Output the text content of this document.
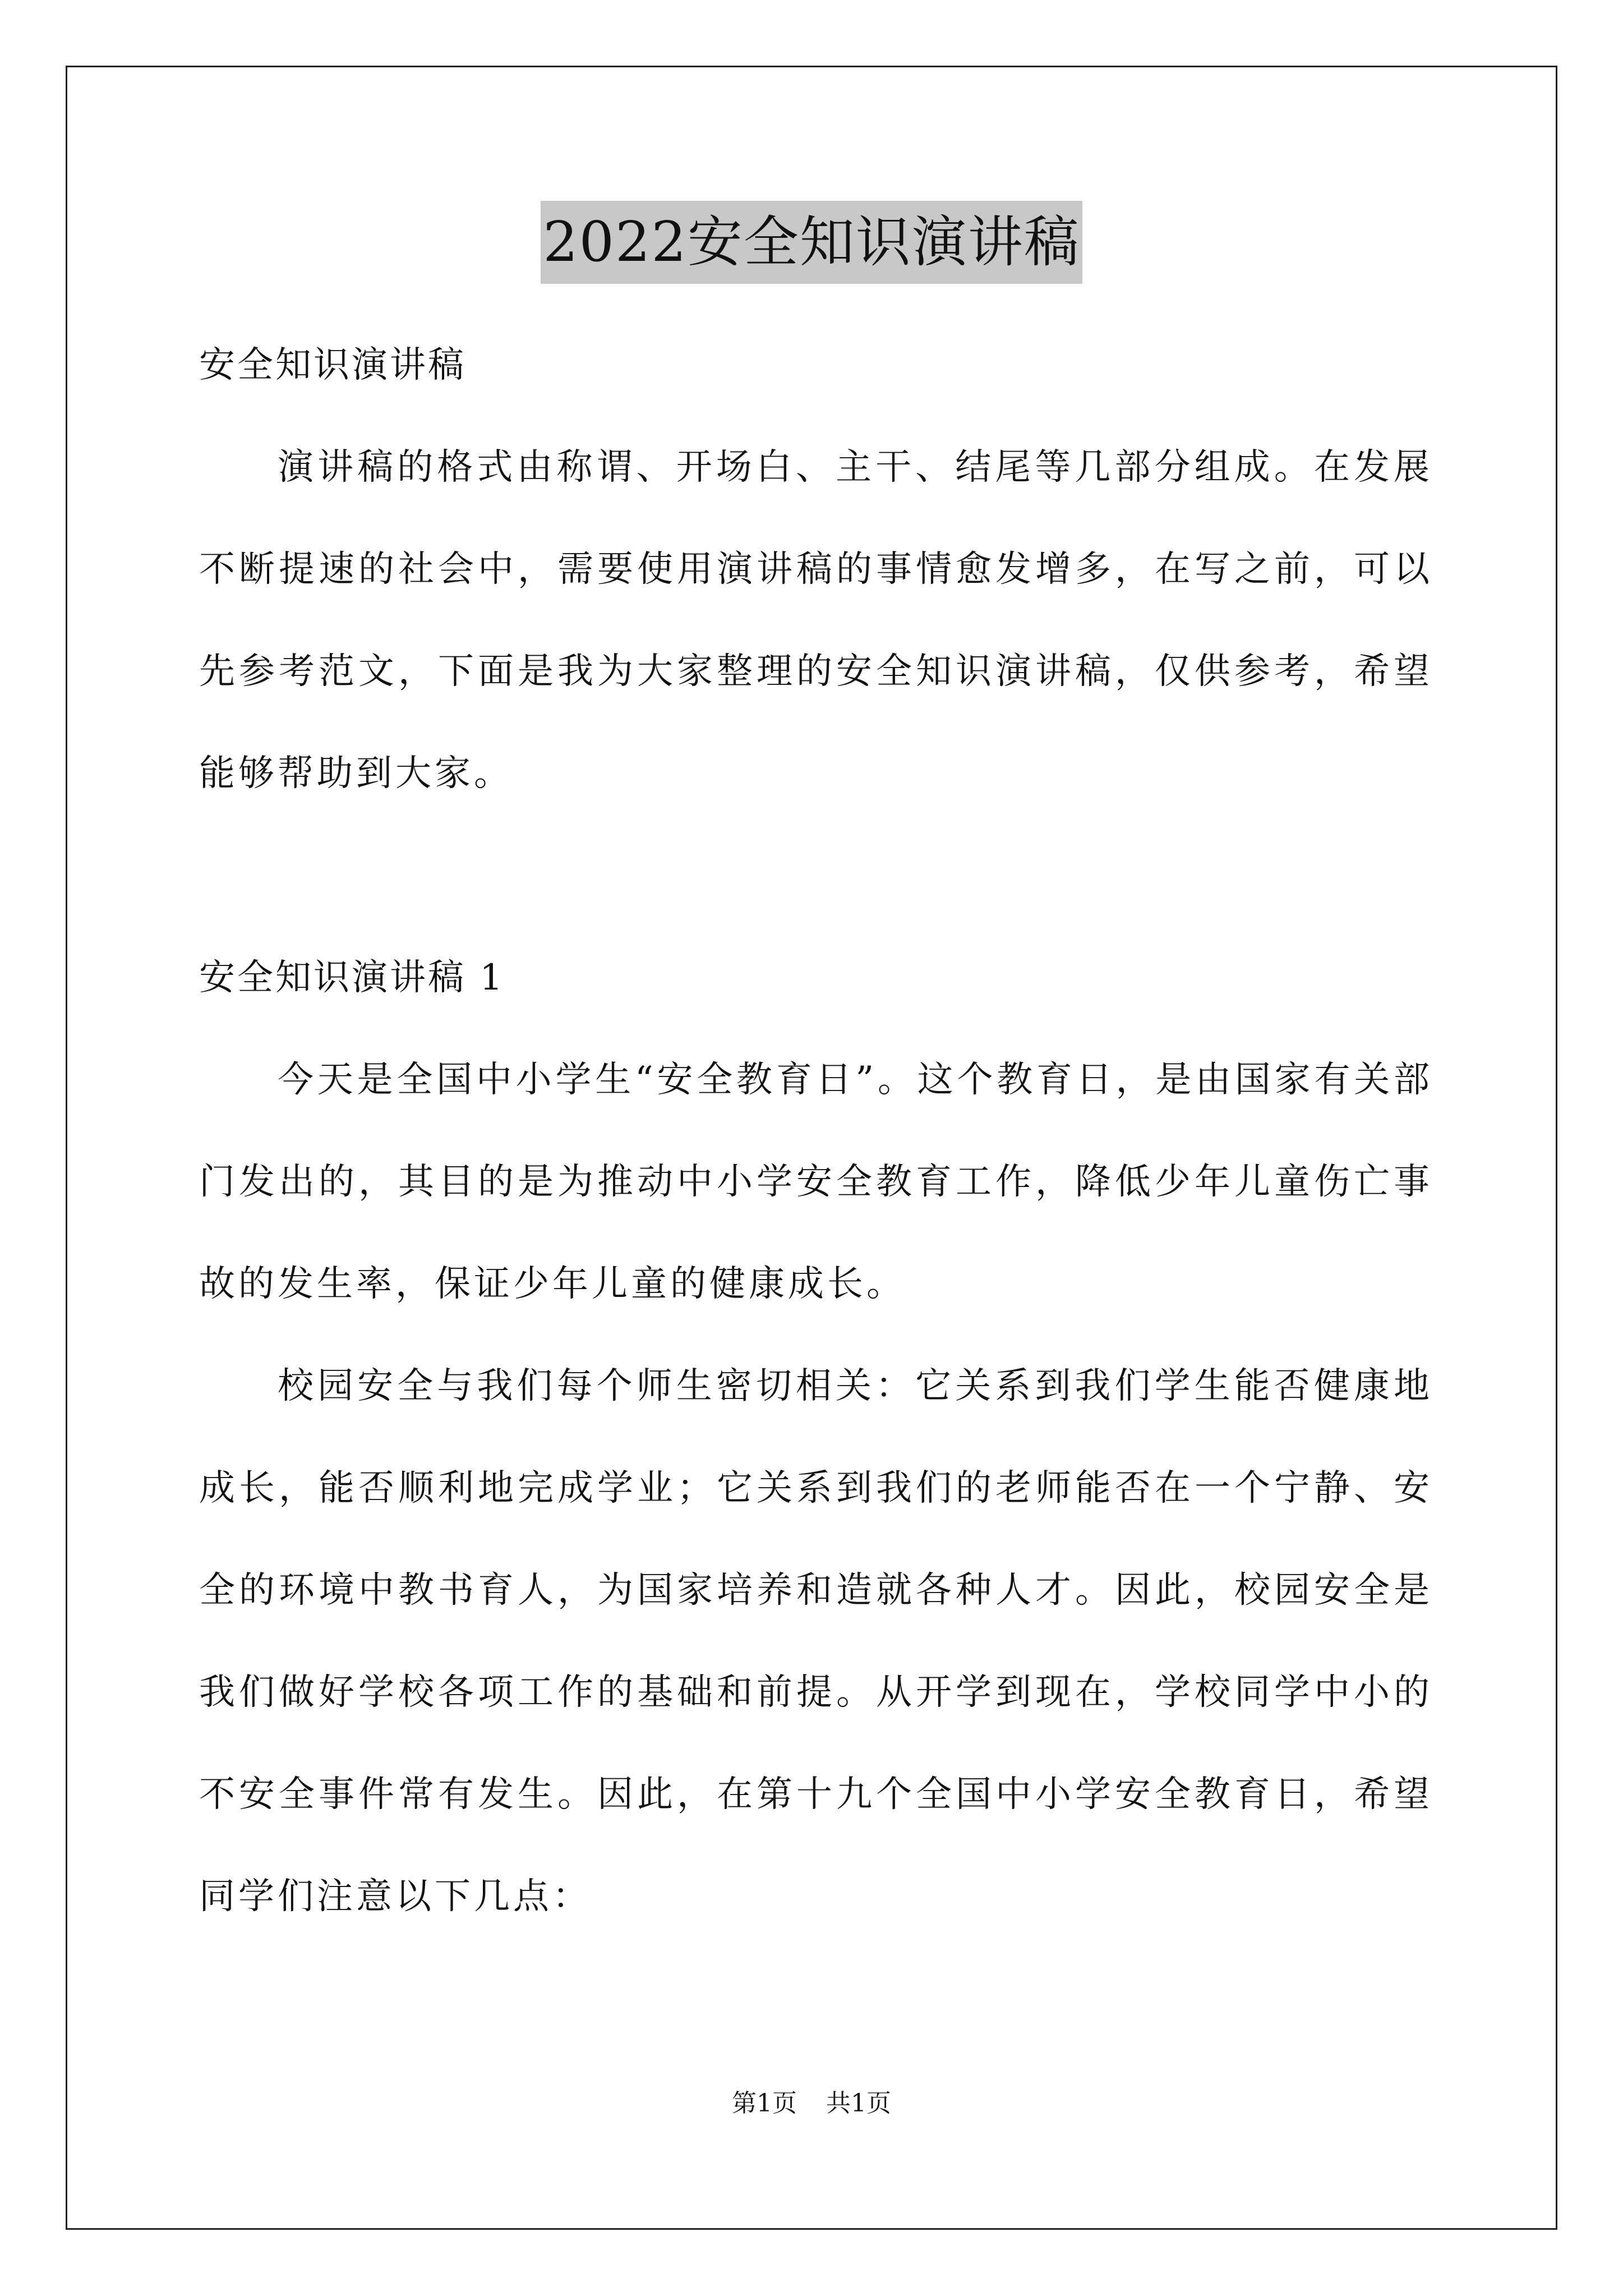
2022安全知识演讲稿

安全知识演讲稿

演讲稿的格式由称谓、开场白、主干、结尾等几部分组成。在发展不断提速的社会中，需要使用演讲稿的事情愈发增多，在写之前，可以先参考范文，下面是我为大家整理的安全知识演讲稿，仅供参考，希望能够帮助到大家。

安全知识演讲稿 1

今天是全国中小学生“安全教育日”。这个教育日，是由国家有关部门发出的，其目的是为推动中小学安全教育工作，降低少年儿童伤亡事故的发生率，保证少年儿童的健康成长。

校园安全与我们每个师生密切相关：它关系到我们学生能否健康地成长，能否顺利地完成学业；它关系到我们的老师能否在一个宁静、安全的环境中教书育人，为国家培养和造就各种人才。因此，校园安全是我们做好学校各项工作的基础和前提。从开学到现在，学校同学中小的不安全事件常有发生。因此，在第十九个全国中小学安全教育日，希望同学们注意以下几点：

第1页 共1页
